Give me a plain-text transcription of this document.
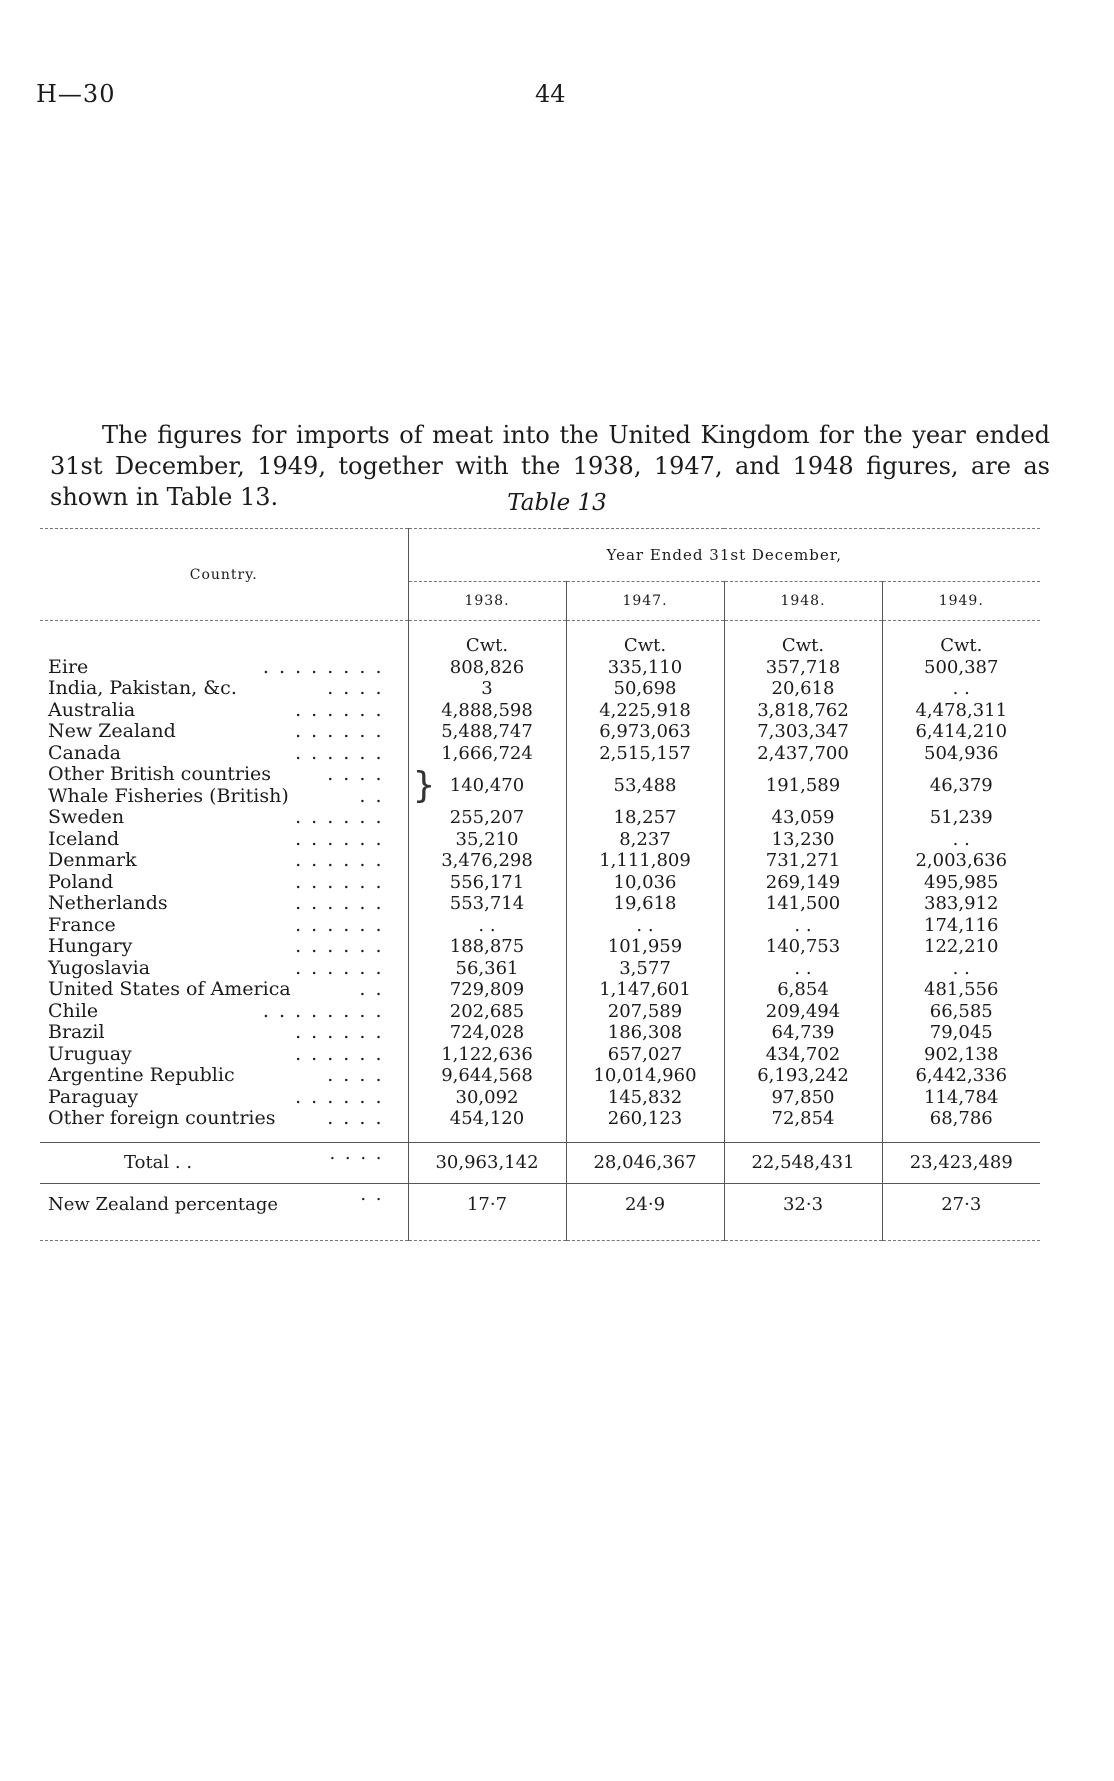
H—30	44

The figures for imports of meat into the United Kingdom for the year ended 31st December, 1949, together with the 1938, 1947, and 1948 figures, are as shown in Table 13.	Table 13
Country.	Year Ended 31st December,			
	1938.	1947.	1948.	1949.

	Cwt.	Cwt.	Cwt.	Cwt.
Eire . . . . . . . .	808,826	335,110	357,718	500,387
India, Pakistan, &c. . . . .	3	50,698	20,618	. .
Australia . . . . . .	4,888,598	4,225,918	3,818,762	4,478,311
New Zealand . . . . . .	5,488,747	6,973,063	7,303,347	6,414,210
Canada . . . . . .	1,666,724	2,515,157	2,437,700	504,936
Other British countries . . . .	} 140,470	53,488	191,589	46,379
Whale Fisheries (British) . .				

Sweden . . . . . .	255,207	18,257	43,059	51,239
Iceland . . . . . .	35,210	8,237	13,230	. .
Denmark . . . . . .	3,476,298	1,111,809	731,271	2,003,636
Poland . . . . . .	556,171	10,036	269,149	495,985
Netherlands . . . . . .	553,714	19,618	141,500	383,912
France . . . . . .	. .	. .	. .	174,116
Hungary . . . . . .	188,875	101,959	140,753	122,210
Yugoslavia . . . . . .	56,361	3,577	. .	. .
United States of America . .	729,809	1,147,601	6,854	481,556
Chile . . . . . . . .	202,685	207,589	209,494	66,585
Brazil . . . . . .	724,028	186,308	64,739	79,045
Uruguay . . . . . .	1,122,636	657,027	434,702	902,138
Argentine Republic . . . .	9,644,568	10,014,960	6,193,242	6,442,336
Paraguay . . . . . .	30,092	145,832	97,850	114,784
Other foreign countries . . . .	454,120	260,123	72,854	68,786

Total . . . . . .	30,963,142	28,046,367	22,548,431	23,423,489
New Zealand percentage . .	17·7	24·9	32·3	27·3
